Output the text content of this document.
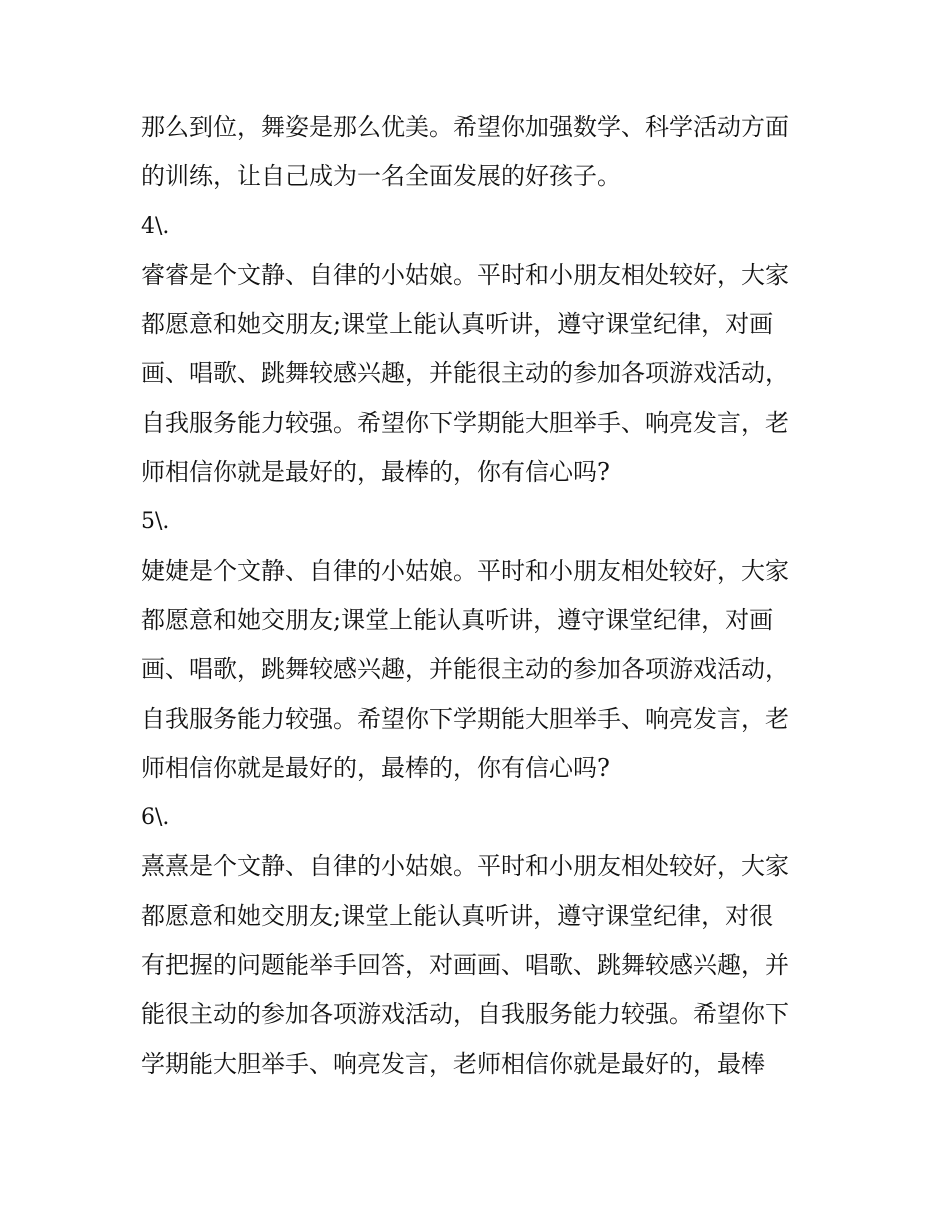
那么到位，舞姿是那么优美。希望你加强数学、科学活动方面
的训练，让自己成为一名全面发展的好孩子。
4\.
睿睿是个文静、自律的小姑娘。平时和小朋友相处较好，大家
都愿意和她交朋友;课堂上能认真听讲，遵守课堂纪律，对画
画、唱歌、跳舞较感兴趣，并能很主动的参加各项游戏活动，
自我服务能力较强。希望你下学期能大胆举手、响亮发言，老
师相信你就是最好的，最棒的，你有信心吗?
5\.
婕婕是个文静、自律的小姑娘。平时和小朋友相处较好，大家
都愿意和她交朋友;课堂上能认真听讲，遵守课堂纪律，对画
画、唱歌，跳舞较感兴趣，并能很主动的参加各项游戏活动，
自我服务能力较强。希望你下学期能大胆举手、响亮发言，老
师相信你就是最好的，最棒的，你有信心吗?
6\.
熹熹是个文静、自律的小姑娘。平时和小朋友相处较好，大家
都愿意和她交朋友;课堂上能认真听讲，遵守课堂纪律，对很
有把握的问题能举手回答，对画画、唱歌、跳舞较感兴趣，并
能很主动的参加各项游戏活动，自我服务能力较强。希望你下
学期能大胆举手、响亮发言，老师相信你就是最好的，最棒
